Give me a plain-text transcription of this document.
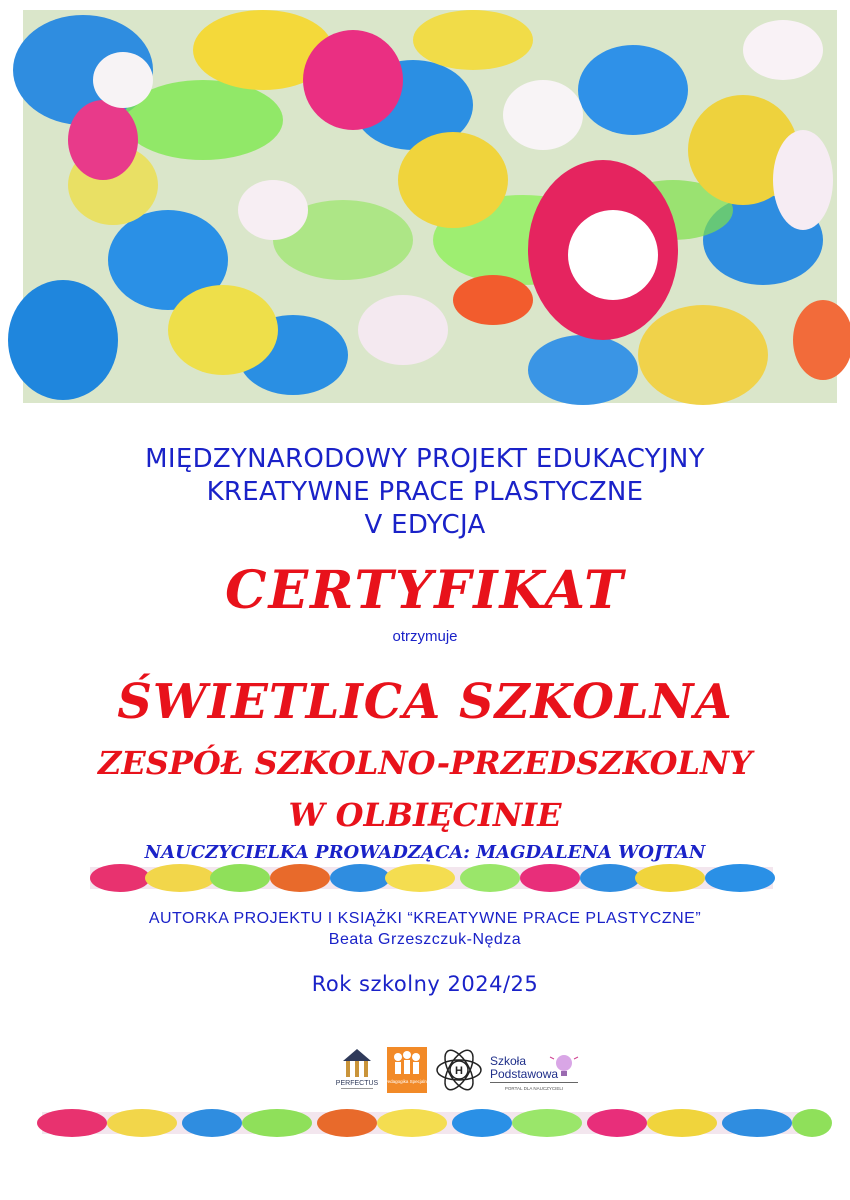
MIĘDZYNARODOWY PROJEKT EDUKACYJNY
KREATYWNE PRACE PLASTYCZNE
V EDYCJA
CERTYFIKAT
otrzymuje
ŚWIETLICA SZKOLNA
ZESPÓŁ SZKOLNO-PRZEDSZKOLNY
W OLBIĘCINIE
NAUCZYCIELKA PROWADZĄCA: MAGDALENA WOJTAN
AUTORKA PROJEKTU I KSIĄŻKI “KREATYWNE PRACE PLASTYCZNE”
Beata Grzeszczuk-Nędza
Rok szkolny 2024/25
PERFECTUS Pedagogika Specjalna
H
Szkoła
Podstawowa
PORTAL DLA NAUCZYCIELI
